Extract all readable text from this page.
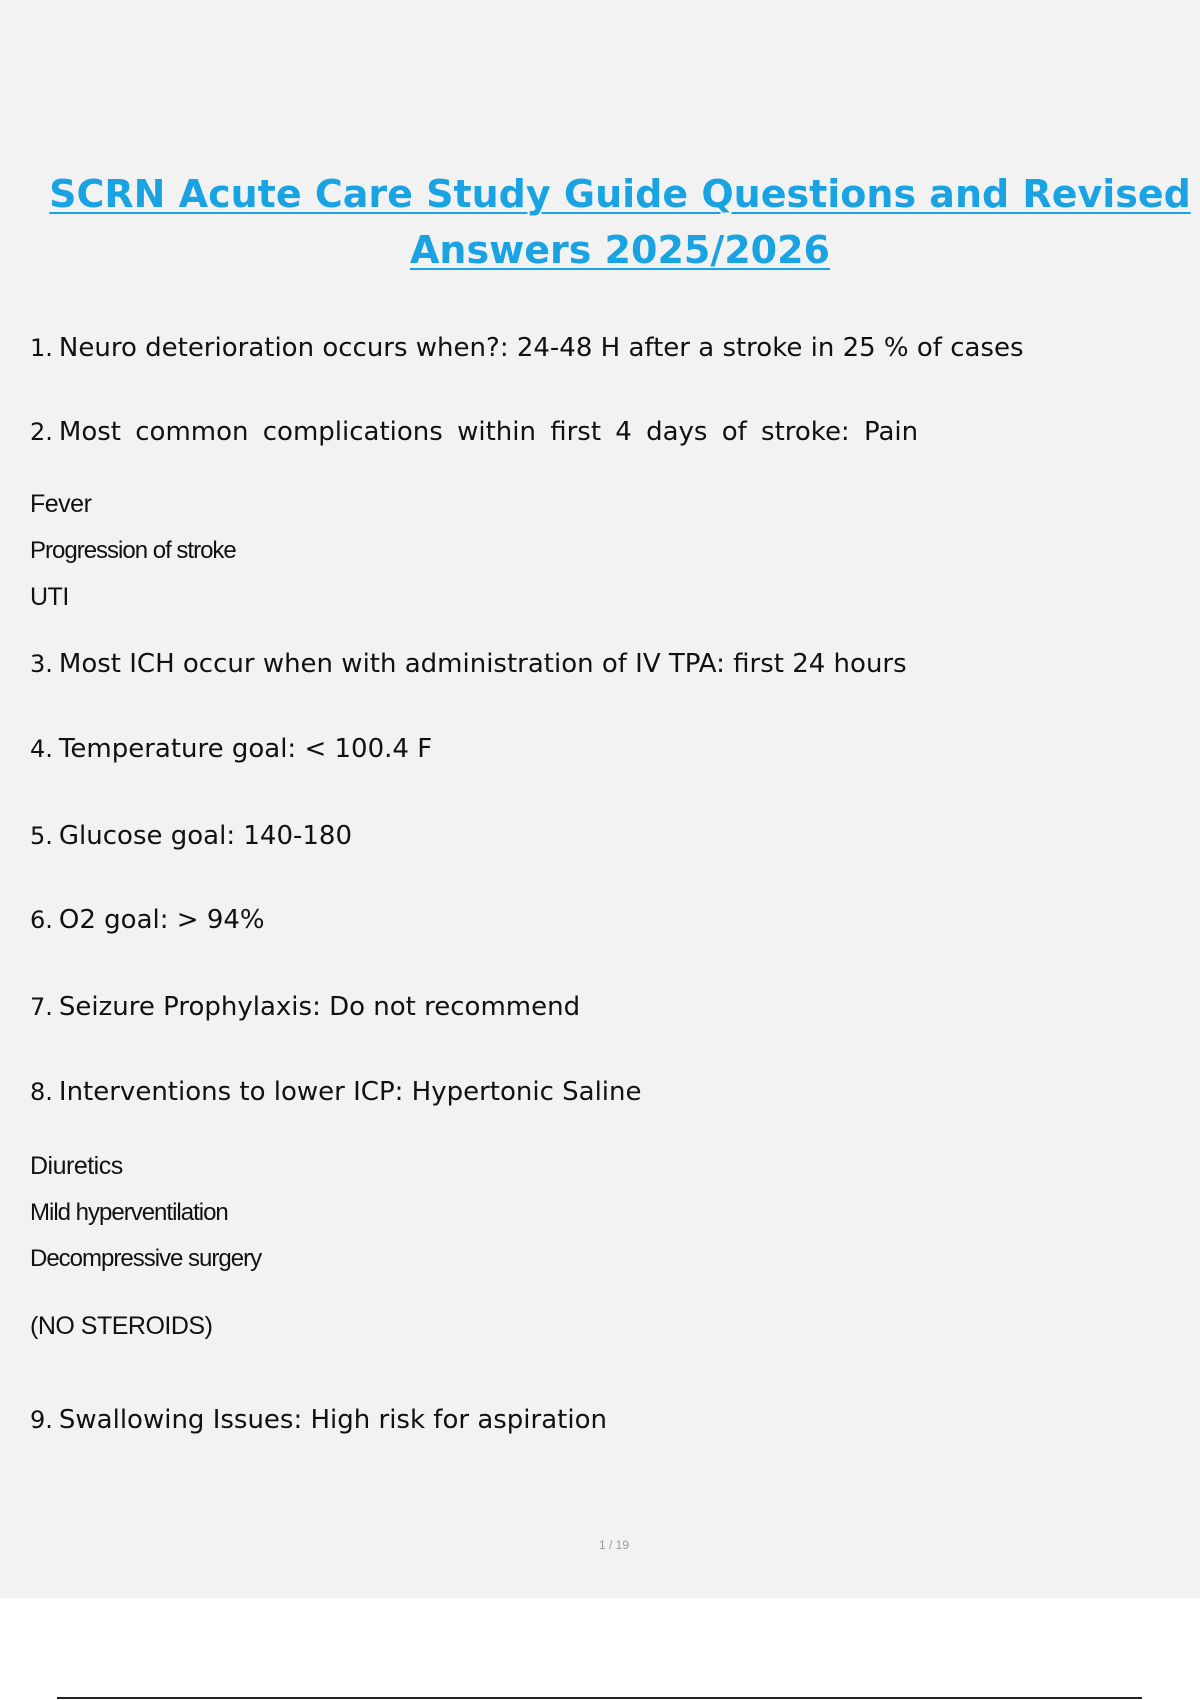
SCRN Acute Care Study Guide Questions and Revised
Answers 2025/2026
1. Neuro deterioration occurs when?: 24-48 H after a stroke in 25 % of cases
2. Most common complications within first 4 days of stroke: Pain
Fever
Progression of stroke
UTI
3. Most ICH occur when with administration of IV TPA: first 24 hours
4. Temperature goal: < 100.4 F
5. Glucose goal: 140-180
6. O2 goal: > 94%
7. Seizure Prophylaxis: Do not recommend
8. Interventions to lower ICP: Hypertonic Saline
Diuretics
Mild hyperventilation
Decompressive surgery
(NO STEROIDS)
9. Swallowing Issues: High risk for aspiration
1 / 19
